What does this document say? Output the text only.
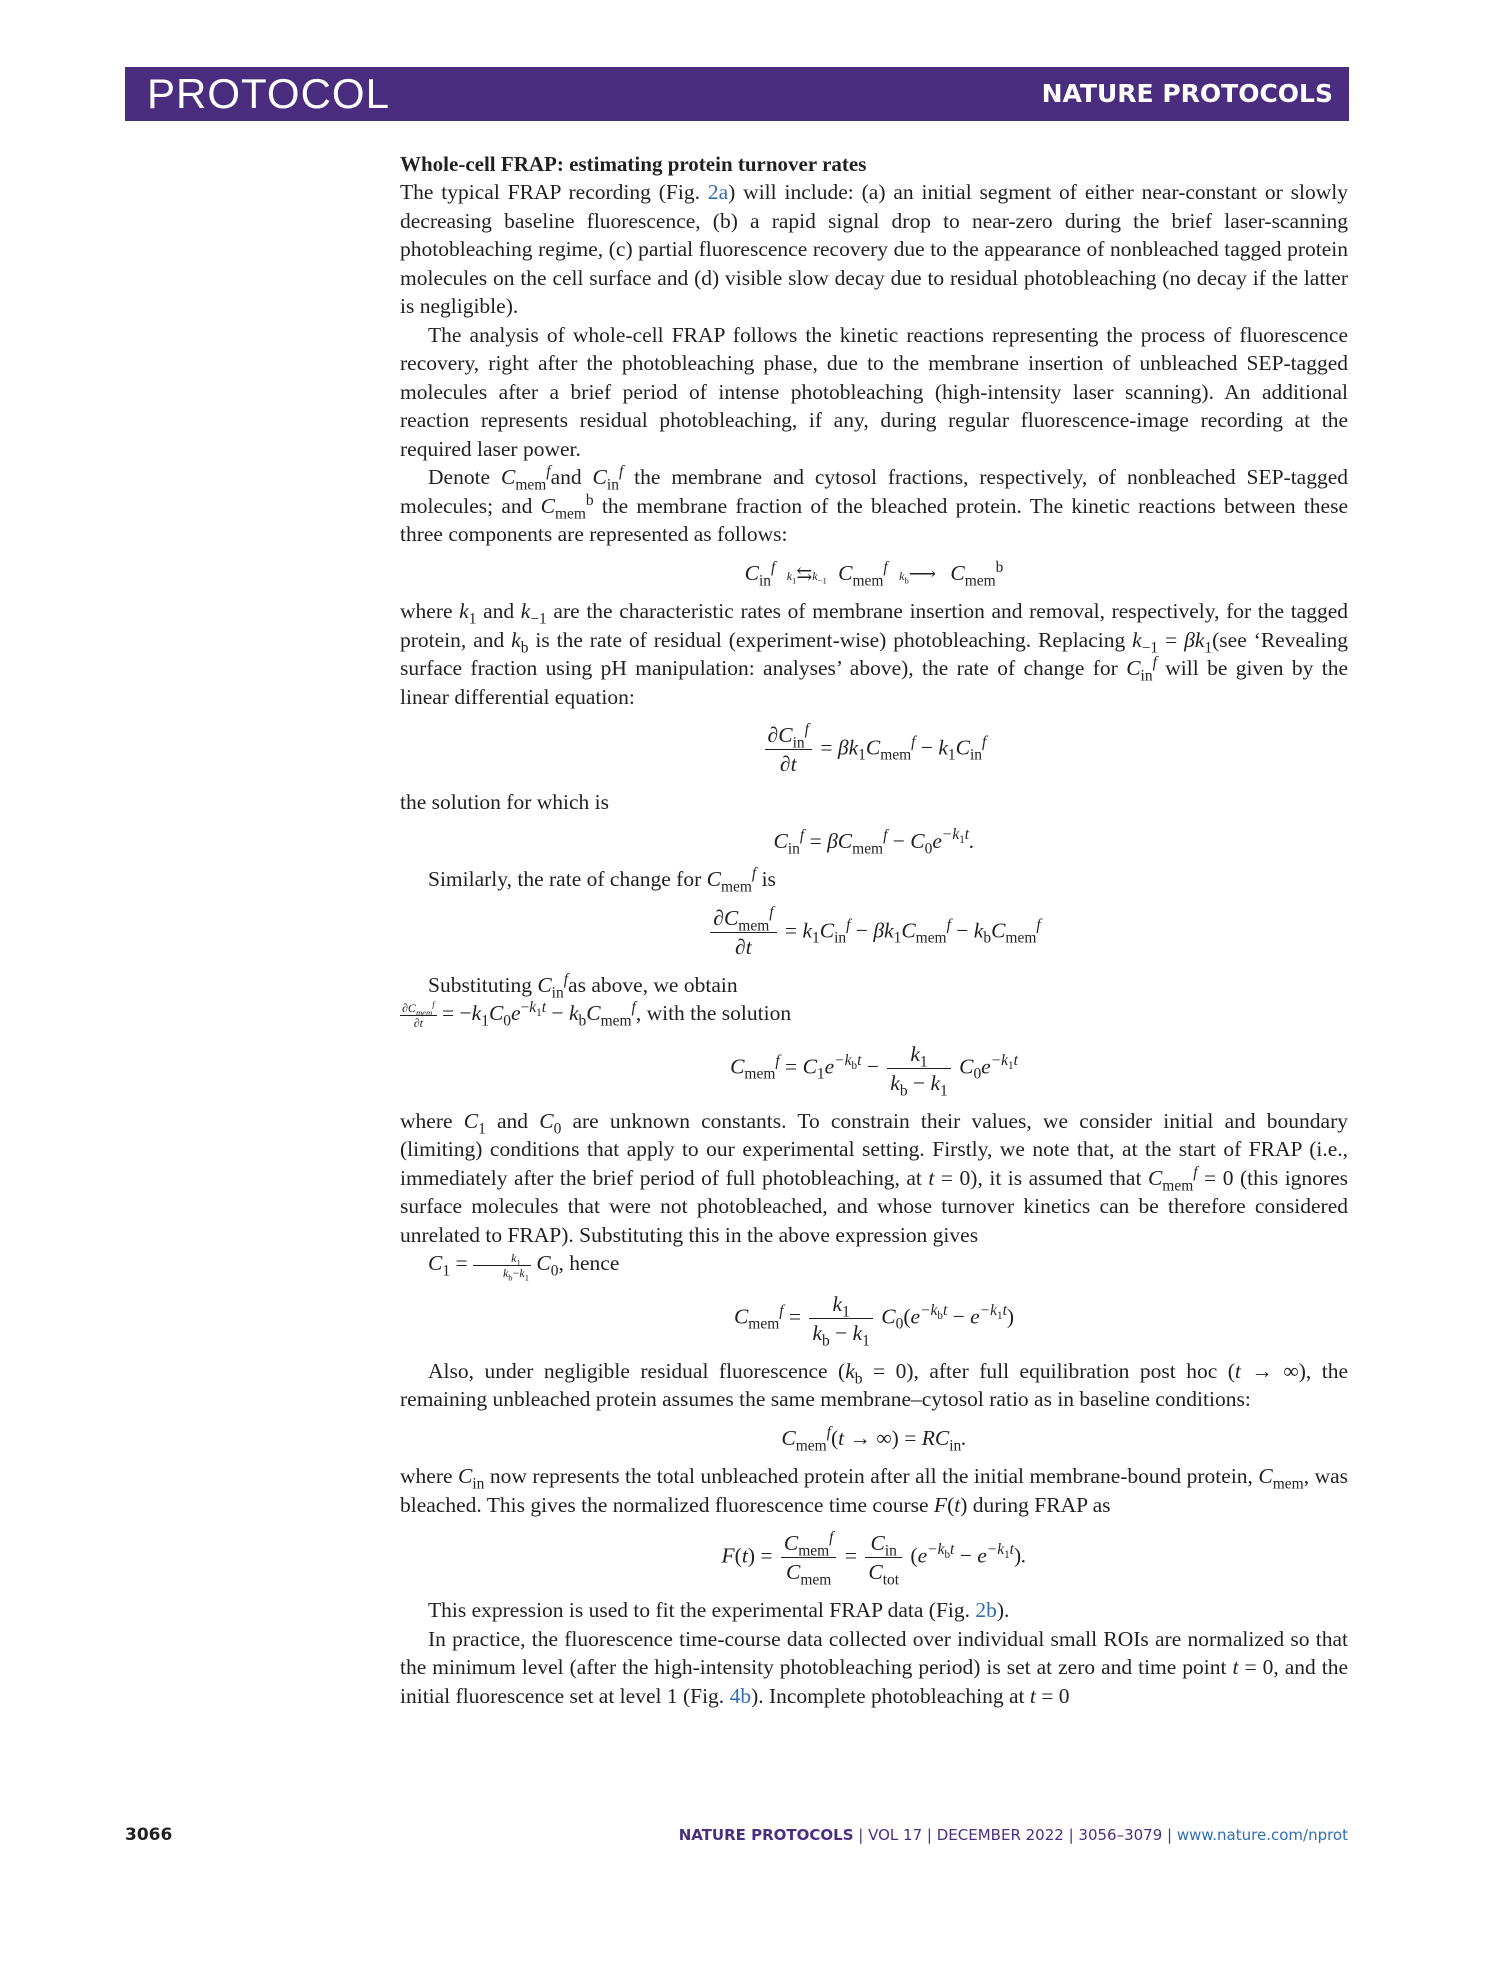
PROTOCOL	NATURE PROTOCOLS
Whole-cell FRAP: estimating protein turnover rates

The typical FRAP recording (Fig. 2a) will include: (a) an initial segment of either near-constant or slowly decreasing baseline fluorescence, (b) a rapid signal drop to near-zero during the brief laser-scanning photobleaching regime, (c) partial fluorescence recovery due to the appearance of nonbleached tagged protein molecules on the cell surface and (d) visible slow decay due to residual photobleaching (no decay if the latter is negligible).

The analysis of whole-cell FRAP follows the kinetic reactions representing the process of fluorescence recovery, right after the photobleaching phase, due to the membrane insertion of unbleached SEP-tagged molecules after a brief period of intense photobleaching (high-intensity laser scanning). An additional reaction represents residual photobleaching, if any, during regular fluorescence-image recording at the required laser power.

Denote $C_{mem}^fand$ $C_{in}^f$ the membrane and cytosol fractions, respectively, of nonbleached SEP-tagged molecules; and $C_{mem}^b$ the membrane fraction of the bleached protein. The kinetic reactions between these three components are represented as follows:

$C_{in}^f$ $k_1⇆k_{-1}$ $C_{mem}^f$ $k_b⟶$  $C_{mem}^b$

where $k_1$ and $k_{-1}$ are the characteristic rates of membrane insertion and removal, respectively, for the tagged protein, and $k_b$ is the rate of residual (experiment-wise) photobleaching. Replacing $k_{-1} = \beta k_1(see$ ‘Revealing surface fraction using pH manipulation: analyses’ above), the rate of change for $C_{in}^f$ will be given by the linear differential equation:

$\frac{\partial C_{in}^f}{\partial t} = \beta k_1C_{mem}^f - k_1C_{in}^f$

the solution for which is

$C_{in}^f = \beta C_{mem}^f - C_0e^{-k_1t}$.

Similarly, the rate of change for $C_{mem}^f$ is

$\frac{\partial C_{mem}^f}{\partial t} = k_1C_{in}^f - \beta k_1C_{mem}^f - k_bC_{mem}^f$

Substituting $C_{in}^fas$ above, we obtain

$\partial C_{mem}^f$
$\partial t = -k_1C_0e^{-k_1t} - k_bC_{mem}^f$, with the solution

$C_{mem}^f = C_1e^{-k_bt} - \frac{k_1}{k_b - k_1} C_0e^{-k_1t}$

where $C_1$ and $C_0$ are unknown constants. To constrain their values, we consider initial and boundary (limiting) conditions that apply to our experimental setting. Firstly, we note that, at the start of FRAP (i.e., immediately after the brief period of full photobleaching, at t = 0), it is assumed that $C_{mem}^f = 0$ (this ignores surface molecules that were not photobleached, and whose turnover kinetics can be therefore considered unrelated to FRAP). Substituting this in the above expression gives

$C_1 = \frac{k_1}{k_b-k_1} C_0$, hence

$C_{mem}^f = \frac{k_1}{k_b - k_1} C_0(e^{-k_bt} - e^{-k_1t})$

Also, under negligible residual fluorescence $(k_b = 0)$, after full equilibration post hoc (t → ∞), the remaining unbleached protein assumes the same membrane–cytosol ratio as in baseline conditions:

$C_{mem}^f(t$ → ∞) = $RC_{in}$.

where $C_{in}$ now represents the total unbleached protein after all the initial membrane-bound protein, $C_{mem}$, was bleached. This gives the normalized fluorescence time course F(t) during FRAP as

$F(t) = \frac{C_{mem}^f}{C_{mem}} = \frac{C_{in}}{C_{tot}} (e^{-k_bt} - e^{-k_1t})$.

This expression is used to fit the experimental FRAP data (Fig. 2b).

In practice, the fluorescence time-course data collected over individual small ROIs are normalized so that the minimum level (after the high-intensity photobleaching period) is set at zero and time point t = 0, and the initial fluorescence set at level 1 (Fig. 4b). Incomplete photobleaching at t = 0

3066	NATURE PROTOCOLS | VOL 17 | DECEMBER 2022 | 3056–3079 | www.nature.com/nprot
